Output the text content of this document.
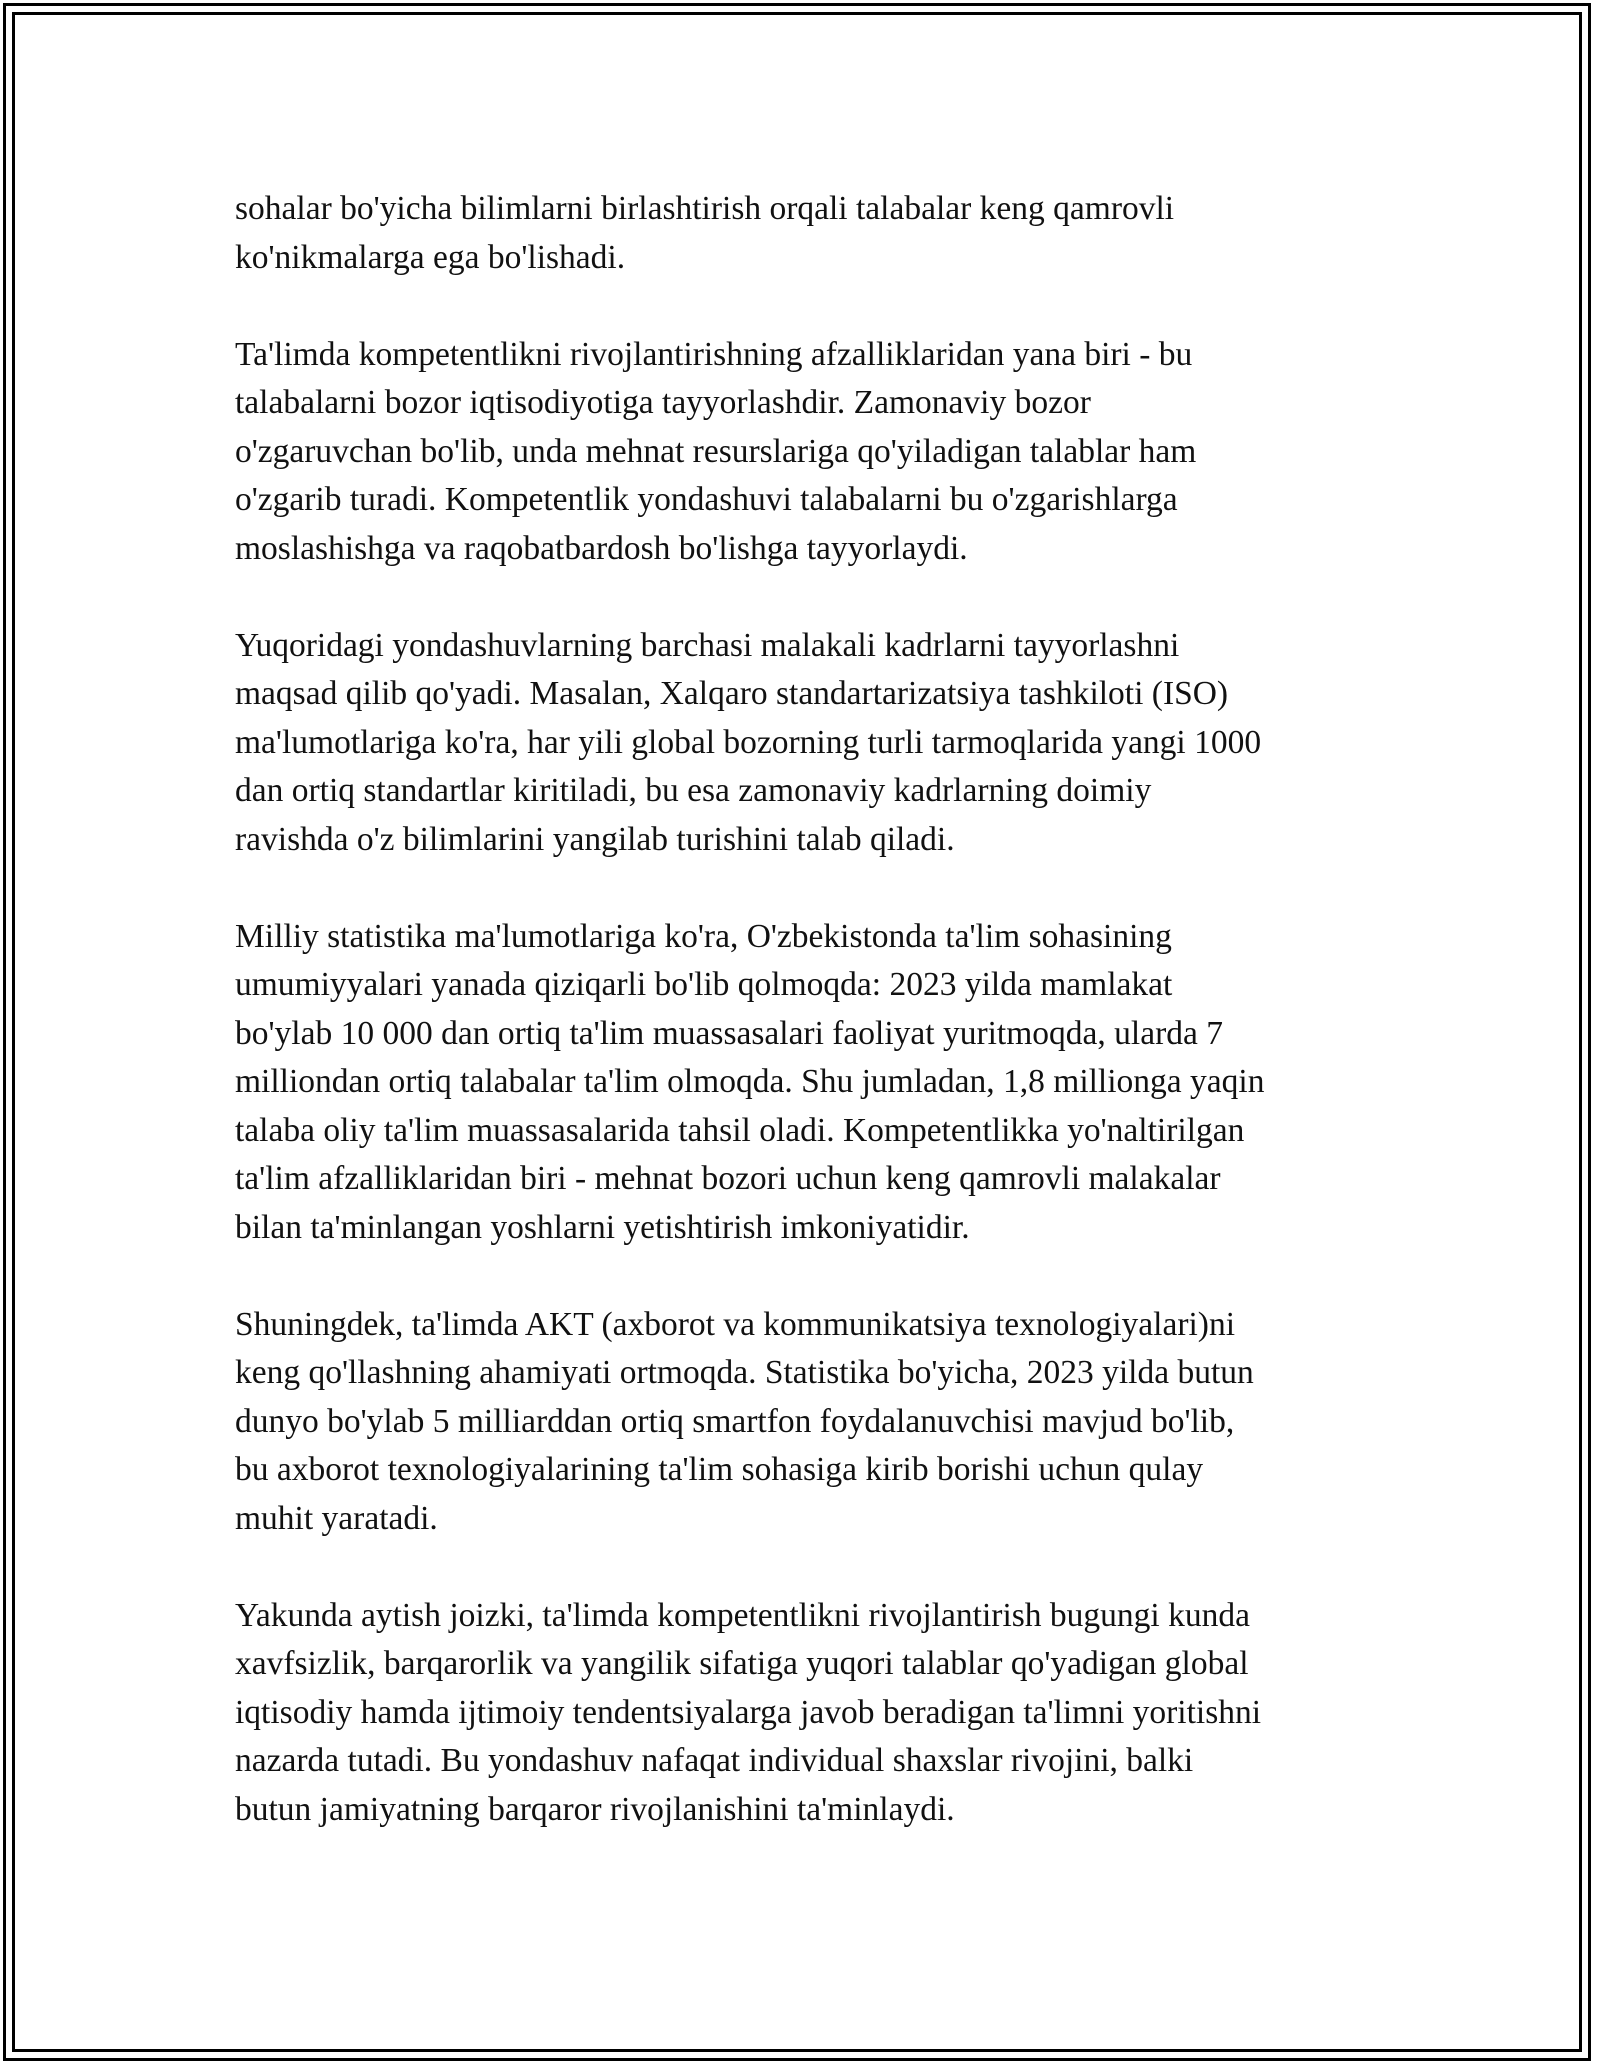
sohalar bo'yicha bilimlarni birlashtirish orqali talabalar keng qamrovli
ko'nikmalarga ega bo'lishadi.

Ta'limda kompetentlikni rivojlantirishning afzalliklaridan yana biri - bu
talabalarni bozor iqtisodiyotiga tayyorlashdir. Zamonaviy bozor
o'zgaruvchan bo'lib, unda mehnat resurslariga qo'yiladigan talablar ham
o'zgarib turadi. Kompetentlik yondashuvi talabalarni bu o'zgarishlarga
moslashishga va raqobatbardosh bo'lishga tayyorlaydi.

Yuqoridagi yondashuvlarning barchasi malakali kadrlarni tayyorlashni
maqsad qilib qo'yadi. Masalan, Xalqaro standartarizatsiya tashkiloti (ISO)
ma'lumotlariga ko'ra, har yili global bozorning turli tarmoqlarida yangi 1000
dan ortiq standartlar kiritiladi, bu esa zamonaviy kadrlarning doimiy
ravishda o'z bilimlarini yangilab turishini talab qiladi.

Milliy statistika ma'lumotlariga ko'ra, O'zbekistonda ta'lim sohasining
umumiyyalari yanada qiziqarli bo'lib qolmoqda: 2023 yilda mamlakat
bo'ylab 10 000 dan ortiq ta'lim muassasalari faoliyat yuritmoqda, ularda 7
milliondan ortiq talabalar ta'lim olmoqda. Shu jumladan, 1,8 millionga yaqin
talaba oliy ta'lim muassasalarida tahsil oladi. Kompetentlikka yo'naltirilgan
ta'lim afzalliklaridan biri - mehnat bozori uchun keng qamrovli malakalar
bilan ta'minlangan yoshlarni yetishtirish imkoniyatidir.

Shuningdek, ta'limda AKT (axborot va kommunikatsiya texnologiyalari)ni
keng qo'llashning ahamiyati ortmoqda. Statistika bo'yicha, 2023 yilda butun
dunyo bo'ylab 5 milliarddan ortiq smartfon foydalanuvchisi mavjud bo'lib,
bu axborot texnologiyalarining ta'lim sohasiga kirib borishi uchun qulay
muhit yaratadi.

Yakunda aytish joizki, ta'limda kompetentlikni rivojlantirish bugungi kunda
xavfsizlik, barqarorlik va yangilik sifatiga yuqori talablar qo'yadigan global
iqtisodiy hamda ijtimoiy tendentsiyalarga javob beradigan ta'limni yoritishni
nazarda tutadi. Bu yondashuv nafaqat individual shaxslar rivojini, balki
butun jamiyatning barqaror rivojlanishini ta'minlaydi.
